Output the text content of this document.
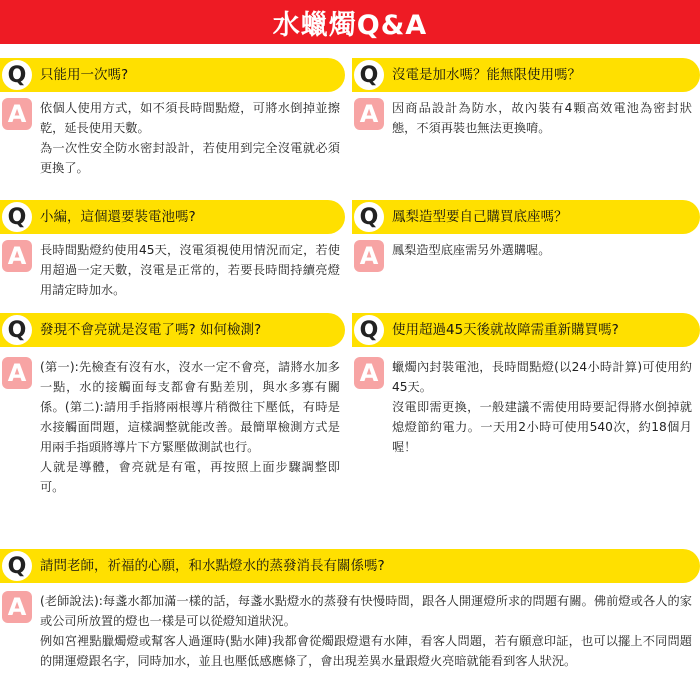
水蠟燭Q&A
Q	只能用一次嗎?
A	依個人使用方式，如不須長時間點燈，可將水倒掉並擦乾，延長使用天數。

為一次性安全防水密封設計，若使用到完全沒電就必須更換了。

Q	沒電是加水嗎？能無限使用嗎？
A	因商品設計為防水，故內裝有4顆高效電池為密封狀態，不須再裝也無法更換唷。

Q	小編，這個還要裝電池嗎?
A	長時間點燈約使用45天，沒電須視使用情況而定，若使用超過一定天數，沒電是正常的，若要長時間持續亮燈用請定時加水。

Q	鳳梨造型要自己購買底座嗎？
A	鳳梨造型底座需另外選購喔。

Q	發現不會亮就是沒電了嗎? 如何檢測?
A	(第一):先檢查有沒有水，沒水一定不會亮，請將水加多一點，水的接觸面每支都會有點差別，與水多寡有關係。(第二):請用手指將兩根導片稍微往下壓低，有時是水接觸面問題，這樣調整就能改善。最簡單檢測方式是用兩手指頭將導片下方緊壓做測試也行。

人就是導體，會亮就是有電，再按照上面步驟調整即可。

Q	使用超過45天後就故障需重新購買嗎?
A	蠟燭內封裝電池，長時間點燈(以24小時計算)可使用約45天。

沒電即需更換，一般建議不需使用時要記得將水倒掉就熄燈節約電力。一天用2小時可使用540次，約18個月喔！

Q	請問老師，祈福的心願，和水點燈水的蒸發消長有關係嗎?
A	(老師說法):每盞水都加滿一樣的話，每盞水點燈水的蒸發有快慢時間，跟各人開運燈所求的問題有關。佛前燈或各人的家或公司所放置的燈也一樣是可以從燈知道狀況。

例如宮裡點臘燭燈或幫客人過運時(點水陣)我都會從燭跟燈還有水陣，看客人問題，若有願意印証，也可以擺上不同問題的開運燈跟名字，同時加水，並且也壓低感應條了，會出現差異水量跟燈火亮暗就能看到客人狀況。
